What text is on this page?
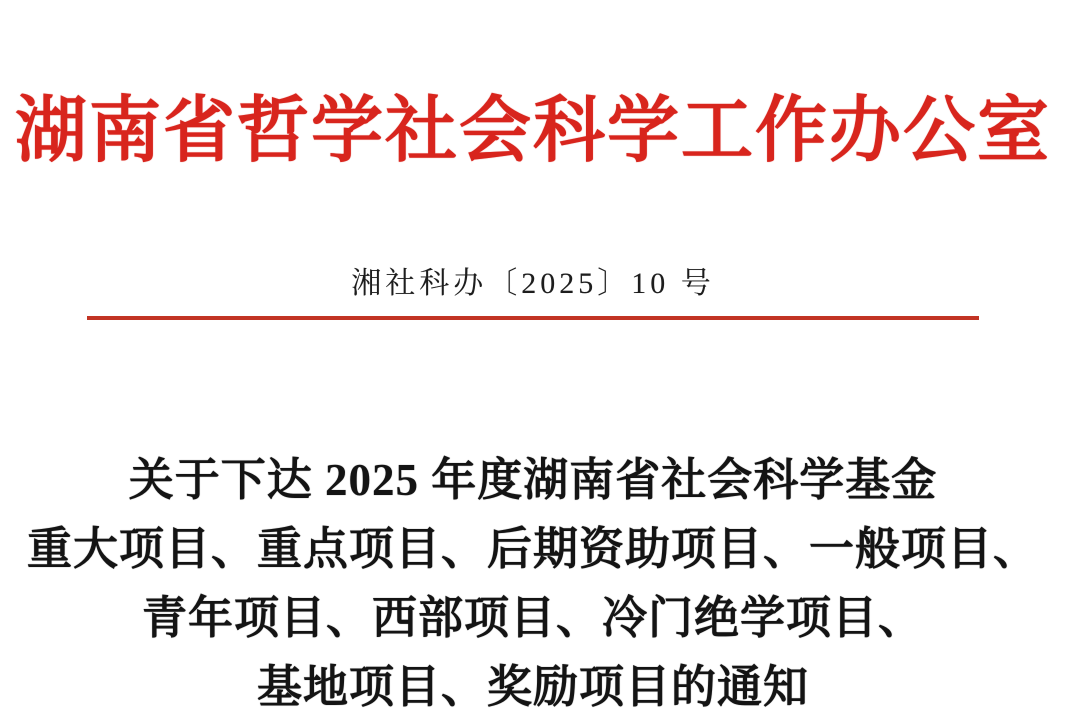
湖南省哲学社会科学工作办公室
湘社科办〔2025〕10 号
关于下达 2025 年度湖南省社会科学基金
重大项目、重点项目、后期资助项目、一般项目、
青年项目、西部项目、冷门绝学项目、
基地项目、奖励项目的通知
